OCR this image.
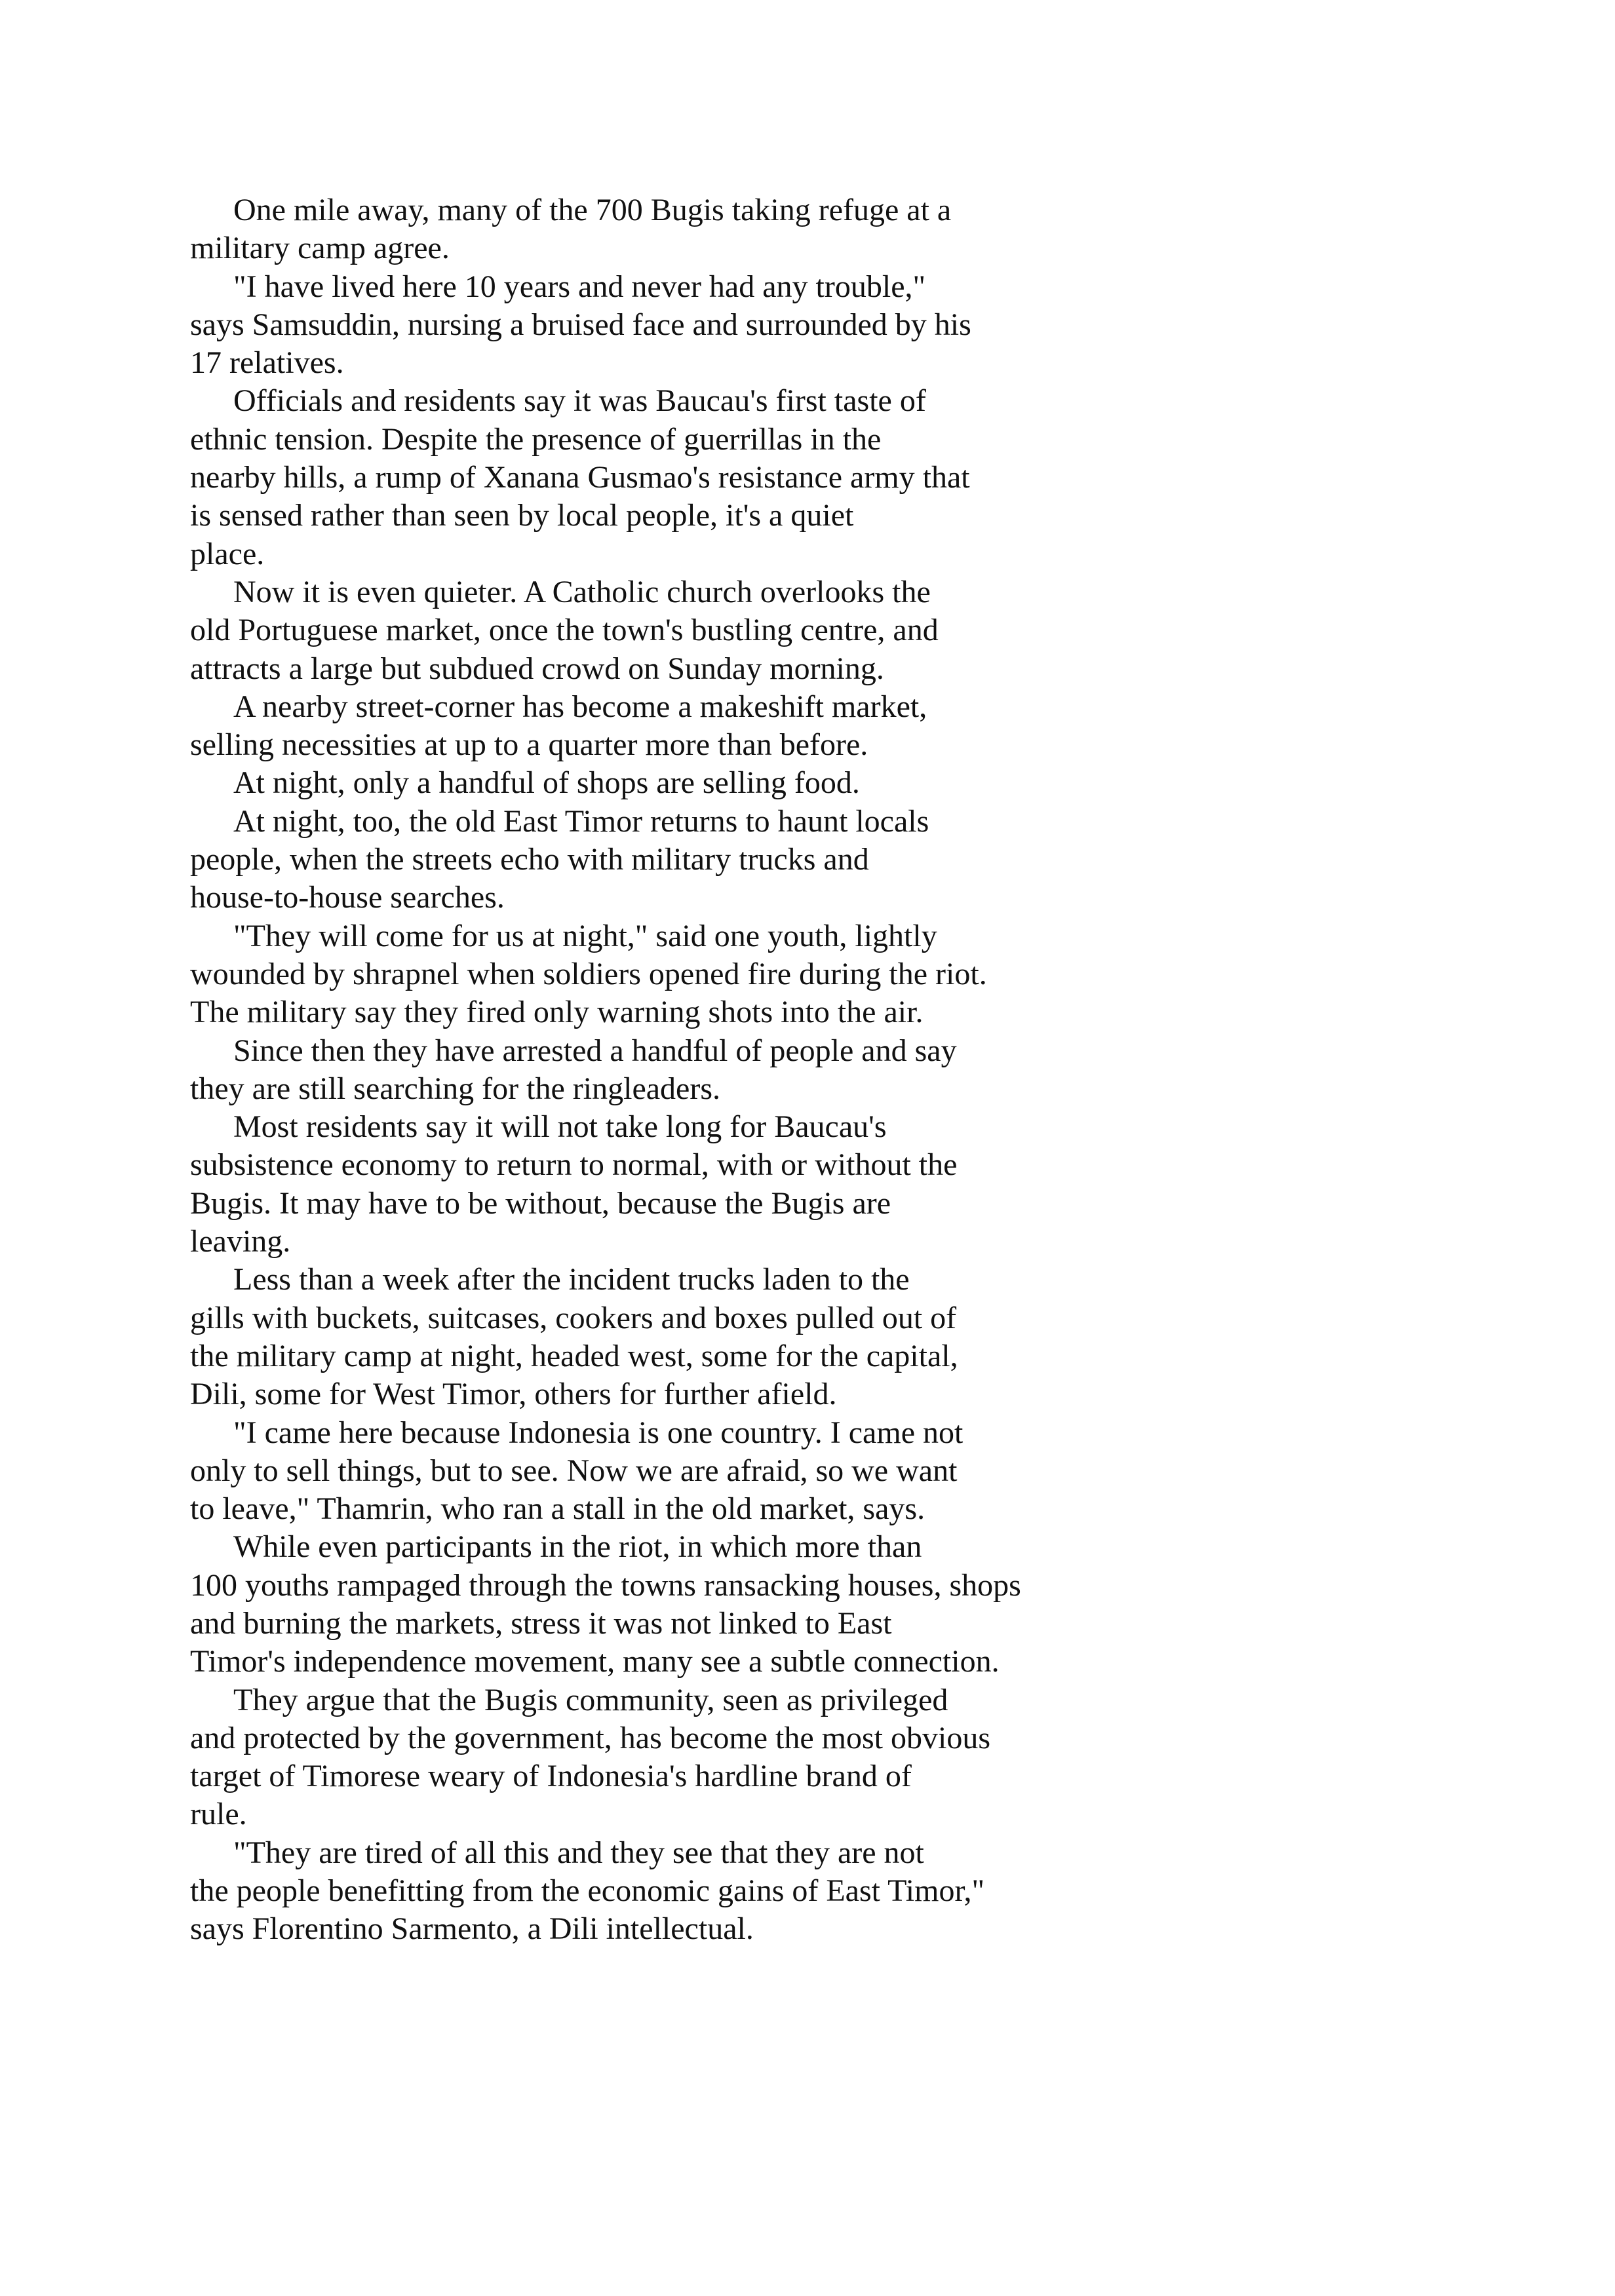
One mile away, many of the 700 Bugis taking refuge at a
military camp agree.
"I have lived here 10 years and never had any trouble,"
says Samsuddin, nursing a bruised face and surrounded by his
17 relatives.
Officials and residents say it was Baucau's first taste of
ethnic tension. Despite the presence of guerrillas in the
nearby hills, a rump of Xanana Gusmao's resistance army that
is sensed rather than seen by local people, it's a quiet
place.
Now it is even quieter. A Catholic church overlooks the
old Portuguese market, once the town's bustling centre, and
attracts a large but subdued crowd on Sunday morning.
A nearby street-corner has become a makeshift market,
selling necessities at up to a quarter more than before.
At night, only a handful of shops are selling food.
At night, too, the old East Timor returns to haunt locals
people, when the streets echo with military trucks and
house-to-house searches.
"They will come for us at night," said one youth, lightly
wounded by shrapnel when soldiers opened fire during the riot.
The military say they fired only warning shots into the air.
Since then they have arrested a handful of people and say
they are still searching for the ringleaders.
Most residents say it will not take long for Baucau's
subsistence economy to return to normal, with or without the
Bugis. It may have to be without, because the Bugis are
leaving.
Less than a week after the incident trucks laden to the
gills with buckets, suitcases, cookers and boxes pulled out of
the military camp at night, headed west, some for the capital,
Dili, some for West Timor, others for further afield.
"I came here because Indonesia is one country. I came not
only to sell things, but to see. Now we are afraid, so we want
to leave," Thamrin, who ran a stall in the old market, says.
While even participants in the riot, in which more than
100 youths rampaged through the towns ransacking houses, shops
and burning the markets, stress it was not linked to East
Timor's independence movement, many see a subtle connection.
They argue that the Bugis community, seen as privileged
and protected by the government, has become the most obvious
target of Timorese weary of Indonesia's hardline brand of
rule.
"They are tired of all this and they see that they are not
the people benefitting from the economic gains of East Timor,"
says Florentino Sarmento, a Dili intellectual.
